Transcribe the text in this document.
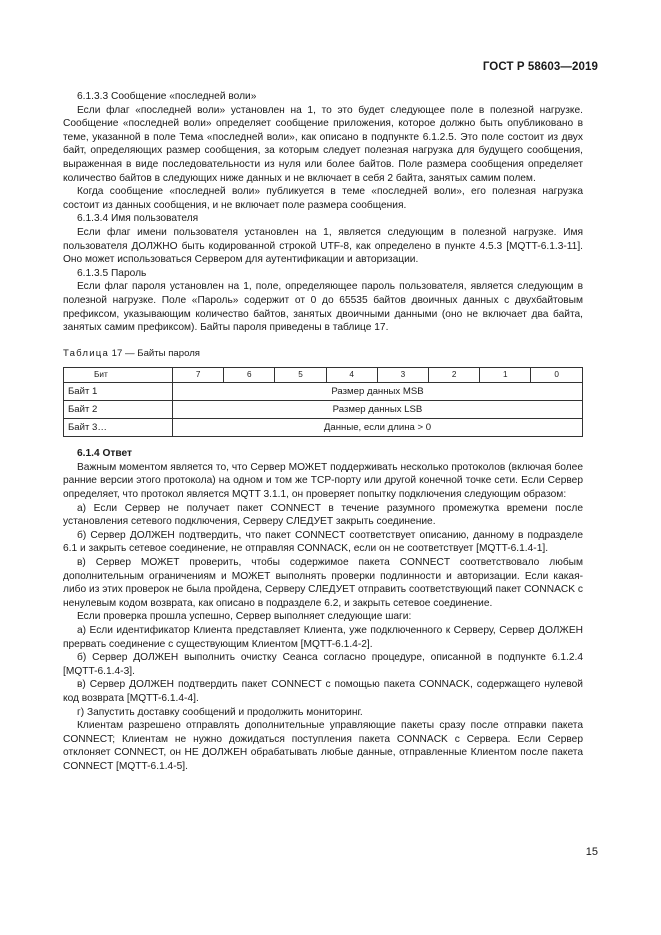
ГОСТ Р 58603—2019

6.1.3.3 Сообщение «последней воли»

Если флаг «последней воли» установлен на 1, то это будет следующее поле в полезной нагрузке. Сообщение «последней воли» определяет сообщение приложения, которое должно быть опубликовано в теме, указанной в поле Тема «последней воли», как описано в подпункте 6.1.2.5. Это поле состоит из двух байт, определяющих размер сообщения, за которым следует полезная нагрузка для будущего сообщения, выраженная в виде последовательности из нуля или более байтов. Поле размера сообщения определяет количество байтов в следующих ниже данных и не включает в себя 2 байта, занятых самим полем.

Когда сообщение «последней воли» публикуется в теме «последней воли», его полезная нагрузка состоит из данных сообщения, и не включает поле размера сообщения.

6.1.3.4 Имя пользователя

Если флаг имени пользователя установлен на 1, является следующим в полезной нагрузке. Имя пользователя ДОЛЖНО быть кодированной строкой UTF-8, как определено в пункте 4.5.3 [MQTT-6.1.3-11]. Оно может использоваться Сервером для аутентификации и авторизации.

6.1.3.5 Пароль

Если флаг пароля установлен на 1, поле, определяющее пароль пользователя, является следующим в полезной нагрузке. Поле «Пароль» содержит от 0 до 65535 байтов двоичных данных с двухбайтовым префиксом, указывающим количество байтов, занятых двоичными данными (оно не включает два байта, занятых самим префиксом). Байты пароля приведены в таблице 17.

Таблица 17 — Байты пароля

Бит	7	6	5	4	3	2	1	0
Байт 1	Размер данных MSB							
Байт 2	Размер данных LSB							
Байт 3…	Данные, если длина > 0							

6.1.4 Ответ

Важным моментом является то, что Сервер МОЖЕТ поддерживать несколько протоколов (включая более ранние версии этого протокола) на одном и том же TCP-порту или другой конечной точке сети. Если Сервер определяет, что протокол является MQTT 3.1.1, он проверяет попытку подключения следующим образом:

а) Если Сервер не получает пакет CONNECT в течение разумного промежутка времени после установления сетевого подключения, Серверу СЛЕДУЕТ закрыть соединение.

б) Сервер ДОЛЖЕН подтвердить, что пакет CONNECT соответствует описанию, данному в подразделе 6.1 и закрыть сетевое соединение, не отправляя CONNACK, если он не соответствует [MQTT-6.1.4-1].

в) Сервер МОЖЕТ проверить, чтобы содержимое пакета CONNECT соответствовало любым дополнительным ограничениям и МОЖЕТ выполнять проверки подлинности и авторизации. Если какая-либо из этих проверок не была пройдена, Серверу СЛЕДУЕТ отправить соответствующий пакет CONNACK с ненулевым кодом возврата, как описано в подразделе 6.2, и закрыть сетевое соединение.

Если проверка прошла успешно, Сервер выполняет следующие шаги:

а) Если идентификатор Клиента представляет Клиента, уже подключенного к Серверу, Сервер ДОЛЖЕН прервать соединение с существующим Клиентом [MQTT-6.1.4-2].

б) Сервер ДОЛЖЕН выполнить очистку Сеанса согласно процедуре, описанной в подпункте 6.1.2.4 [MQTT-6.1.4-3].

в) Сервер ДОЛЖЕН подтвердить пакет CONNECT с помощью пакета CONNACK, содержащего нулевой код возврата [MQTT-6.1.4-4].

г) Запустить доставку сообщений и продолжить мониторинг.

Клиентам разрешено отправлять дополнительные управляющие пакеты сразу после отправки пакета CONNECT; Клиентам не нужно дожидаться поступления пакета CONNACK с Сервера. Если Сервер отклоняет CONNECT, он НЕ ДОЛЖЕН обрабатывать любые данные, отправленные Клиентом после пакета CONNECT [MQTT-6.1.4-5].

15
